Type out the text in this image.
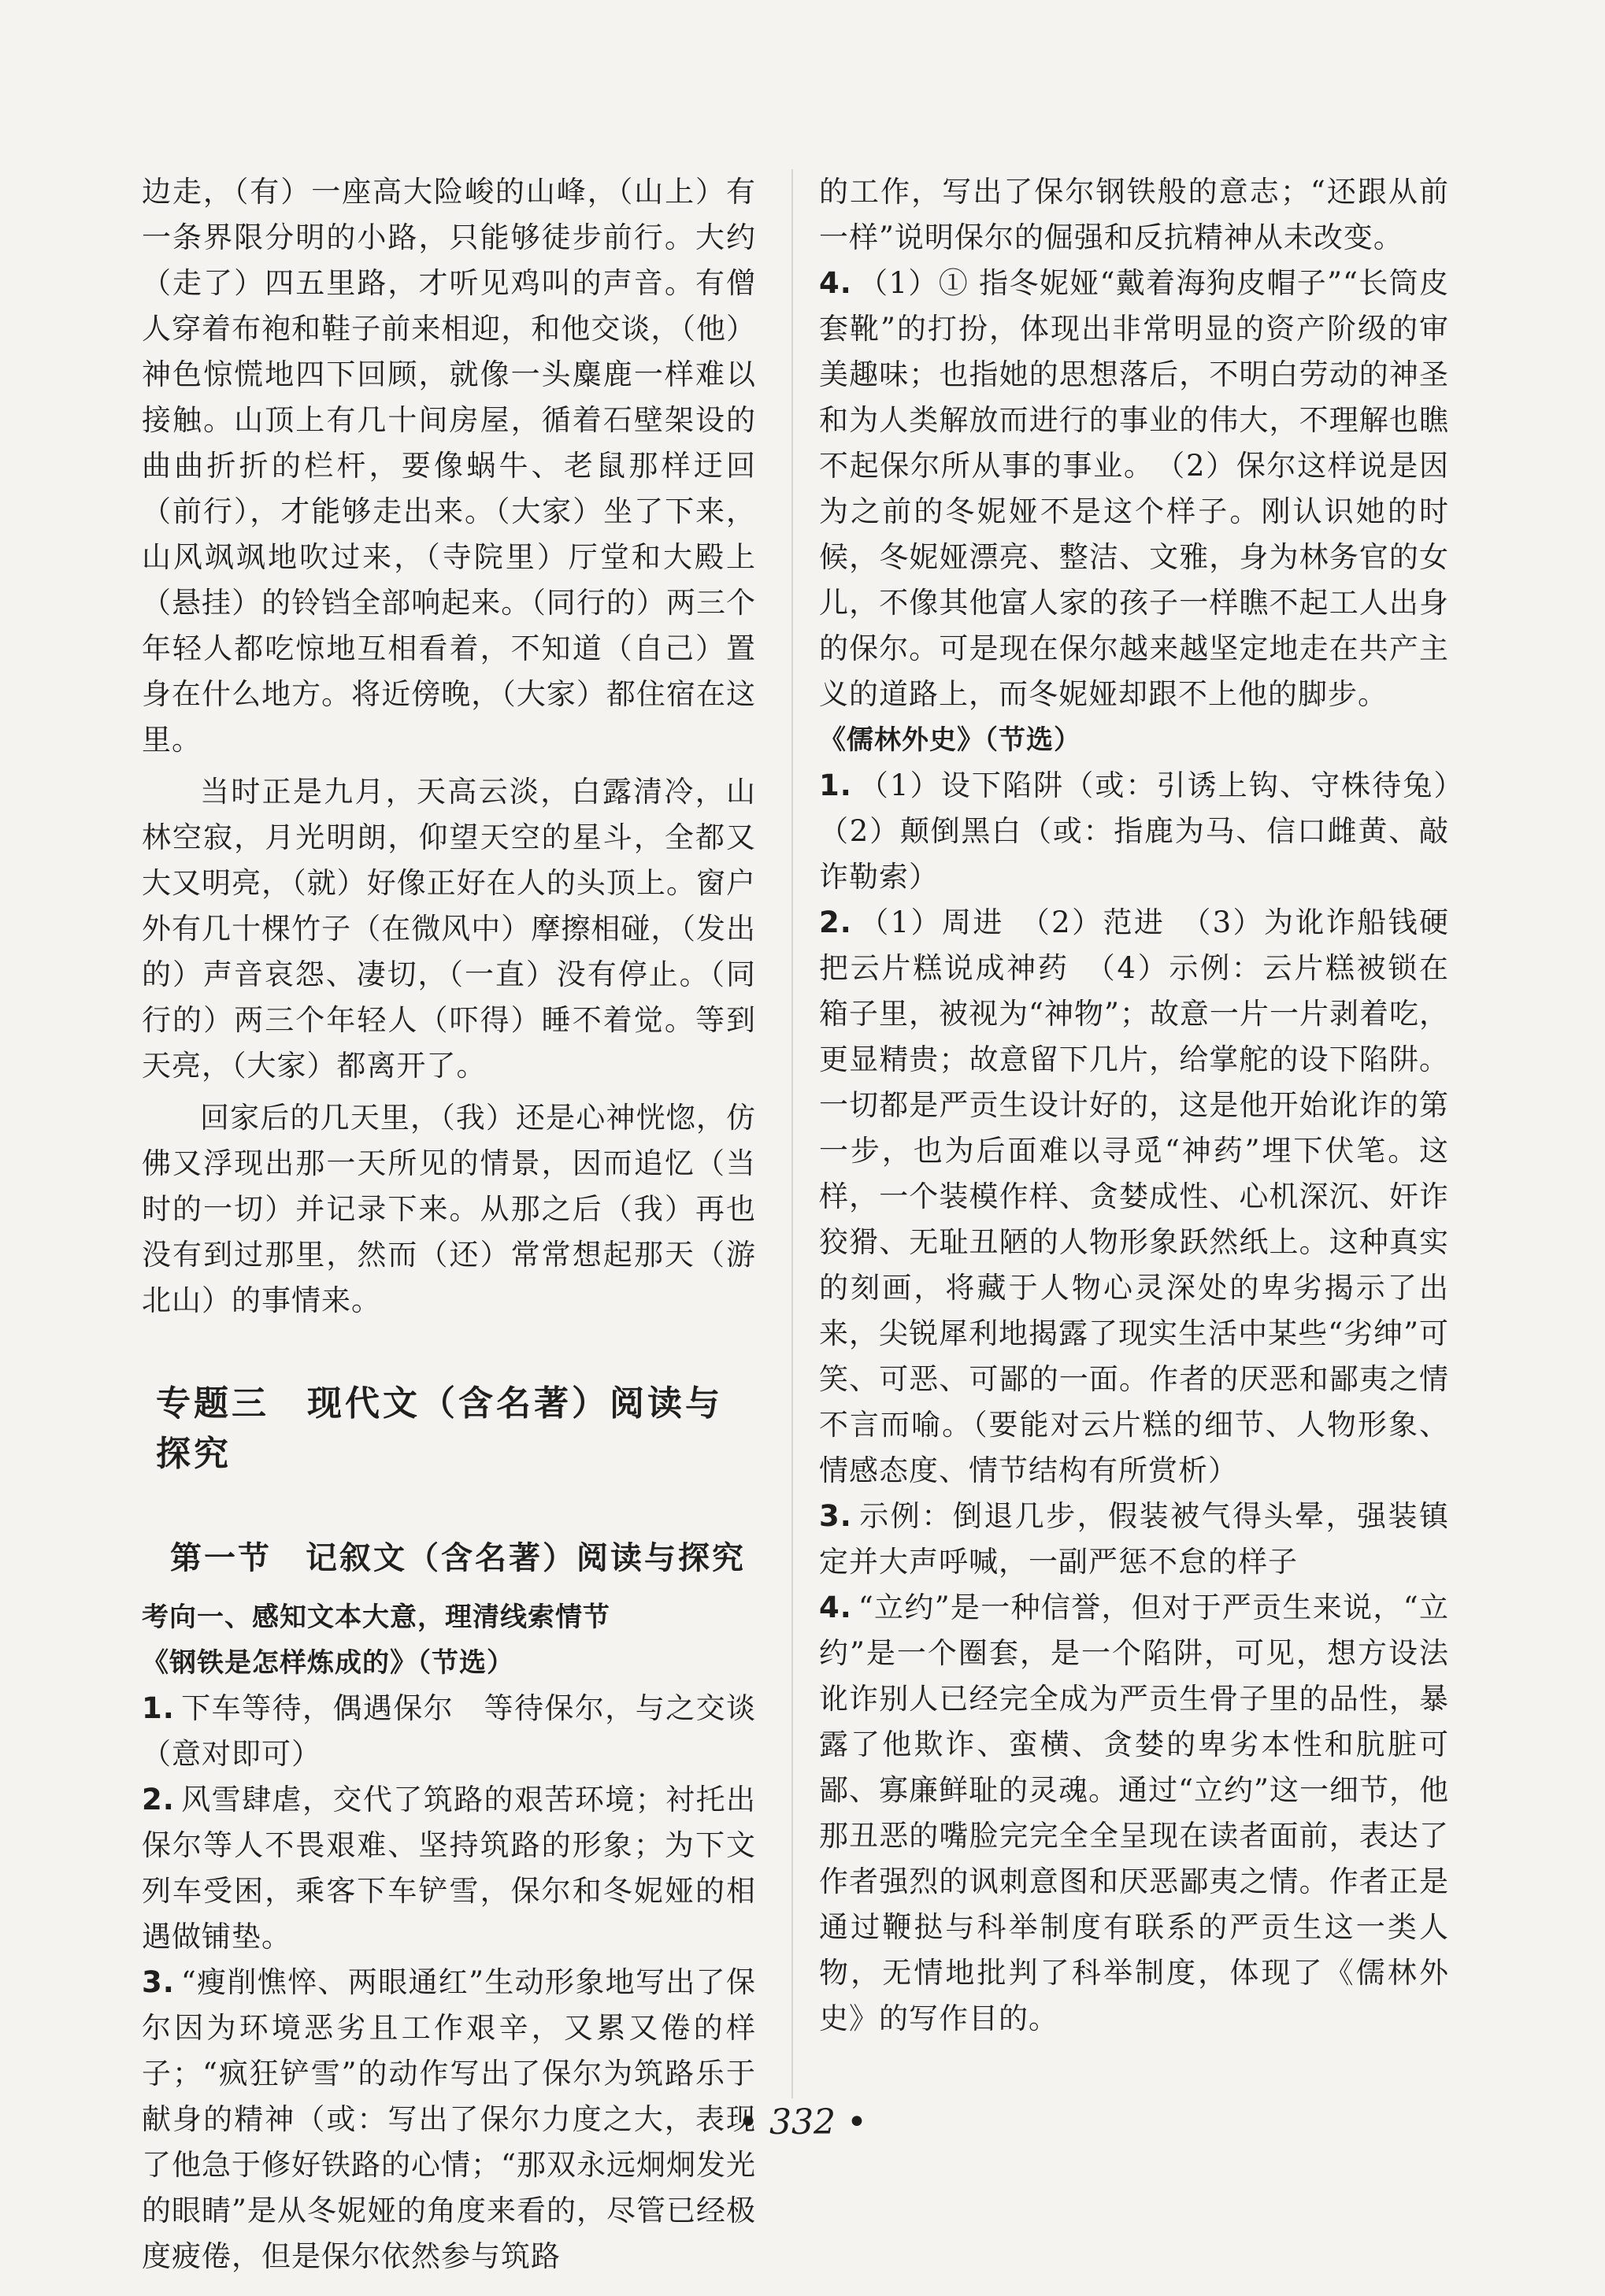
边走，（有）一座高大险峻的山峰，（山上）有一条界限分明的小路，只能够徒步前行。大约（走了）四五里路，才听见鸡叫的声音。有僧人穿着布袍和鞋子前来相迎，和他交谈，（他）神色惊慌地四下回顾，就像一头麋鹿一样难以接触。山顶上有几十间房屋，循着石壁架设的曲曲折折的栏杆，要像蜗牛、老鼠那样迂回（前行），才能够走出来。（大家）坐了下来，山风飒飒地吹过来，（寺院里）厅堂和大殿上（悬挂）的铃铛全部响起来。（同行的）两三个年轻人都吃惊地互相看着，不知道（自己）置身在什么地方。将近傍晚，（大家）都住宿在这里。

当时正是九月，天高云淡，白露清冷，山林空寂，月光明朗，仰望天空的星斗，全都又大又明亮，（就）好像正好在人的头顶上。窗户外有几十棵竹子（在微风中）摩擦相碰，（发出的）声音哀怨、凄切，（一直）没有停止。（同行的）两三个年轻人（吓得）睡不着觉。等到天亮，（大家）都离开了。

回家后的几天里，（我）还是心神恍惚，仿佛又浮现出那一天所见的情景，因而追忆（当时的一切）并记录下来。从那之后（我）再也没有到过那里，然而（还）常常想起那天（游北山）的事情来。

专题三　现代文（含名著）阅读与探究
第一节　记叙文（含名著）阅读与探究
考向一、感知文本大意，理清线索情节
《钢铁是怎样炼成的》（节选）

1. 下车等待，偶遇保尔　等待保尔，与之交谈（意对即可）

2. 风雪肆虐，交代了筑路的艰苦环境；衬托出保尔等人不畏艰难、坚持筑路的形象；为下文列车受困，乘客下车铲雪，保尔和冬妮娅的相遇做铺垫。

3. “瘦削憔悴、两眼通红”生动形象地写出了保尔因为环境恶劣且工作艰辛，又累又倦的样子；“疯狂铲雪”的动作写出了保尔为筑路乐于献身的精神（或：写出了保尔力度之大，表现了他急于修好铁路的心情；“那双永远炯炯发光的眼睛”是从冬妮娅的角度来看的，尽管已经极度疲倦，但是保尔依然参与筑路

的工作，写出了保尔钢铁般的意志；“还跟从前一样”说明保尔的倔强和反抗精神从未改变。

4. （1）① 指冬妮娅“戴着海狗皮帽子”“长筒皮套靴”的打扮，体现出非常明显的资产阶级的审美趣味；也指她的思想落后，不明白劳动的神圣和为人类解放而进行的事业的伟大，不理解也瞧不起保尔所从事的事业。　（2）保尔这样说是因为之前的冬妮娅不是这个样子。刚认识她的时候，冬妮娅漂亮、整洁、文雅，身为林务官的女儿，不像其他富人家的孩子一样瞧不起工人出身的保尔。可是现在保尔越来越坚定地走在共产主义的道路上，而冬妮娅却跟不上他的脚步。

《儒林外史》（节选）

1. （1）设下陷阱（或：引诱上钩、守株待兔）　（2）颠倒黑白（或：指鹿为马、信口雌黄、敲诈勒索）

2. （1）周进　（2）范进　（3）为讹诈船钱硬把云片糕说成神药　（4）示例：云片糕被锁在箱子里，被视为“神物”；故意一片一片剥着吃，更显精贵；故意留下几片，给掌舵的设下陷阱。一切都是严贡生设计好的，这是他开始讹诈的第一步，也为后面难以寻觅“神药”埋下伏笔。这样，一个装模作样、贪婪成性、心机深沉、奸诈狡猾、无耻丑陋的人物形象跃然纸上。这种真实的刻画，将藏于人物心灵深处的卑劣揭示了出来，尖锐犀利地揭露了现实生活中某些“劣绅”可笑、可恶、可鄙的一面。作者的厌恶和鄙夷之情不言而喻。（要能对云片糕的细节、人物形象、情感态度、情节结构有所赏析）

3. 示例：倒退几步，假装被气得头晕，强装镇定并大声呼喊，一副严惩不怠的样子

4. “立约”是一种信誉，但对于严贡生来说，“立约”是一个圈套，是一个陷阱，可见，想方设法讹诈别人已经完全成为严贡生骨子里的品性，暴露了他欺诈、蛮横、贪婪的卑劣本性和肮脏可鄙、寡廉鲜耻的灵魂。通过“立约”这一细节，他那丑恶的嘴脸完完全全呈现在读者面前，表达了作者强烈的讽刺意图和厌恶鄙夷之情。作者正是通过鞭挞与科举制度有联系的严贡生这一类人物，无情地批判了科举制度，体现了《儒林外史》的写作目的。

• 332 •
